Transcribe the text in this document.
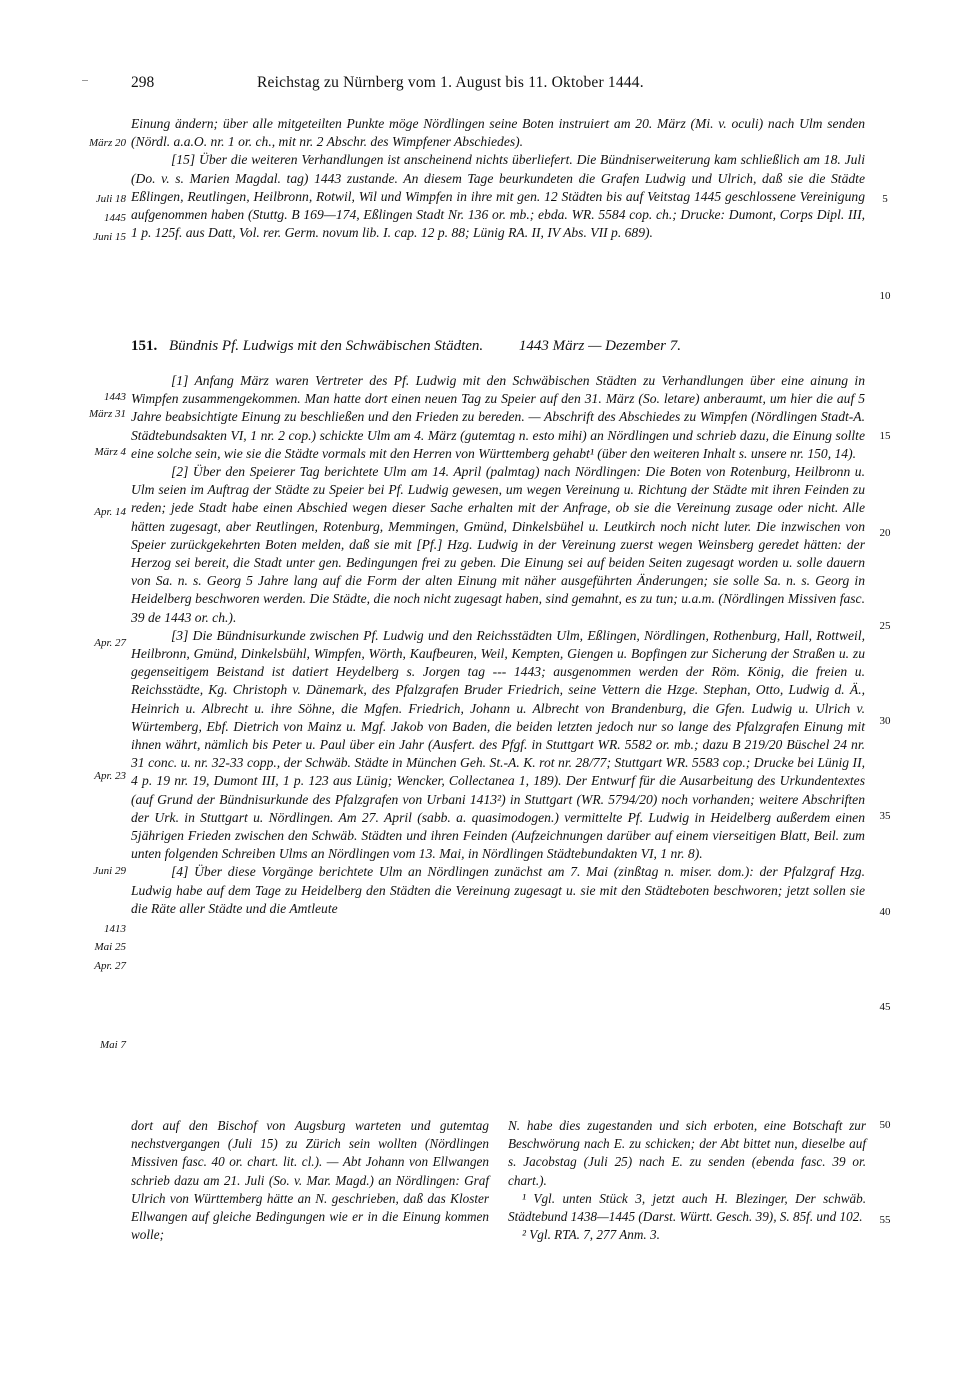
298	Reichstag zu Nürnberg vom 1. August bis 11. Oktober 1444.

Einung ändern; über alle mitgeteilten Punkte möge Nördlingen seine Boten instruiert am 20. März (Mi. v. oculi) nach Ulm senden (Nördl. a.a.O. nr. 1 or. ch., mit nr. 2 Abschr. des Wimpfener Abschiedes).

[15] Über die weiteren Verhandlungen ist anscheinend nichts überliefert. Die Bündniserweiterung kam schließlich am 18. Juli (Do. v. s. Marien Magdal. tag) 1443 zustande. An diesem Tage beurkundeten die Grafen Ludwig und Ulrich, daß sie die Städte Eßlingen, Reutlingen, Heilbronn, Rotwil, Wil und Wimpfen in ihre mit gen. 12 Städten bis auf Veitstag 1445 geschlossene Vereinigung aufgenommen haben (Stuttg. B 169—174, Eßlingen Stadt Nr. 136 or. mb.; ebda. WR. 5584 cop. ch.; Drucke: Dumont, Corps Dipl. III, 1 p. 125f. aus Datt, Vol. rer. Germ. novum lib. I. cap. 12 p. 88; Lünig RA. II, IV Abs. VII p. 689).

151. Bündnis Pf. Ludwigs mit den Schwäbischen Städten. 1443 März — Dezember 7.

[1] Anfang März waren Vertreter des Pf. Ludwig mit den Schwäbischen Städten zu Verhandlungen über eine ainung in Wimpfen zusammengekommen. Man hatte dort einen neuen Tag zu Speier auf den 31. März (So. letare) anberaumt, um hier die auf 5 Jahre beabsichtigte Einung zu beschließen und den Frieden zu bereden. — Abschrift des Abschiedes zu Wimpfen (Nördlingen Stadt-A. Städtebundsakten VI, 1 nr. 2 cop.) schickte Ulm am 4. März (gutemtag n. esto mihi) an Nördlingen und schrieb dazu, die Einung sollte eine solche sein, wie sie die Städte vormals mit den Herren von Württemberg gehabt¹ (über den weiteren Inhalt s. unsere nr. 150, 14).

[2] Über den Speierer Tag berichtete Ulm am 14. April (palmtag) nach Nördlingen: Die Boten von Rotenburg, Heilbronn u. Ulm seien im Auftrag der Städte zu Speier bei Pf. Ludwig gewesen, um wegen Vereinung u. Richtung der Städte mit ihren Feinden zu reden; jede Stadt habe einen Abschied wegen dieser Sache erhalten mit der Anfrage, ob sie die Vereinung zusage oder nicht. Alle hätten zugesagt, aber Reutlingen, Rotenburg, Memmingen, Gmünd, Dinkelsbühel u. Leutkirch noch nicht luter. Die inzwischen von Speier zurückgekehrten Boten melden, daß sie mit [Pf.] Hzg. Ludwig in der Vereinung zuerst wegen Weinsberg geredet hätten: der Herzog sei bereit, die Stadt unter gen. Bedingungen frei zu geben. Die Einung sei auf beiden Seiten zugesagt worden u. solle dauern von Sa. n. s. Georg 5 Jahre lang auf die Form der alten Einung mit näher ausgeführten Änderungen; sie solle Sa. n. s. Georg in Heidelberg beschworen werden. Die Städte, die noch nicht zugesagt haben, sind gemahnt, es zu tun; u.a.m. (Nördlingen Missiven fasc. 39 de 1443 or. ch.).

[3] Die Bündnisurkunde zwischen Pf. Ludwig und den Reichsstädten Ulm, Eßlingen, Nördlingen, Rothenburg, Hall, Rottweil, Heilbronn, Gmünd, Dinkelsbühl, Wimpfen, Wörth, Kaufbeuren, Weil, Kempten, Giengen u. Bopfingen zur Sicherung der Straßen u. zu gegenseitigem Beistand ist datiert Heydelberg s. Jorgen tag --- 1443; ausgenommen werden der Röm. König, die freien u. Reichsstädte, Kg. Christoph v. Dänemark, des Pfalzgrafen Bruder Friedrich, seine Vettern die Hzge. Stephan, Otto, Ludwig d. Ä., Heinrich u. Albrecht u. ihre Söhne, die Mgfen. Friedrich, Johann u. Albrecht von Brandenburg, die Gfen. Ludwig u. Ulrich v. Würtemberg, Ebf. Dietrich von Mainz u. Mgf. Jakob von Baden, die beiden letzten jedoch nur so lange des Pfalzgrafen Einung mit ihnen währt, nämlich bis Peter u. Paul über ein Jahr (Ausfert. des Pfgf. in Stuttgart WR. 5582 or. mb.; dazu B 219/20 Büschel 24 nr. 31 conc. u. nr. 32-33 copp., der Schwäb. Städte in München Geh. St.-A. K. rot nr. 28/77; Stuttgart WR. 5583 cop.; Drucke bei Lünig II, 4 p. 19 nr. 19, Dumont III, 1 p. 123 aus Lünig; Wencker, Collectanea 1, 189). Der Entwurf für die Ausarbeitung des Urkundentextes (auf Grund der Bündnisurkunde des Pfalzgrafen von Urbani 1413²) in Stuttgart (WR. 5794/20) noch vorhanden; weitere Abschriften der Urk. in Stuttgart u. Nördlingen. Am 27. April (sabb. a. quasimodogen.) vermittelte Pf. Ludwig in Heidelberg außerdem einen 5jährigen Frieden zwischen den Schwäb. Städten und ihren Feinden (Aufzeichnungen darüber auf einem vierseitigen Blatt, Beil. zum unten folgenden Schreiben Ulms an Nördlingen vom 13. Mai, in Nördlingen Städtebundakten VI, 1 nr. 8).

[4] Über diese Vorgänge berichtete Ulm an Nördlingen zunächst am 7. Mai (zinßtag n. miser. dom.): der Pfalzgraf Hzg. Ludwig habe auf dem Tage zu Heidelberg den Städten die Vereinung zugesagt u. sie mit den Städteboten beschworen; jetzt sollen sie die Räte aller Städte und die Amtleute

dort auf den Bischof von Augsburg warteten und gutemtag nechstvergangen (Juli 15) zu Zürich sein wollten (Nördlingen Missiven fasc. 40 or. chart. lit. cl.). — Abt Johann von Ellwangen schrieb dazu am 21. Juli (So. v. Mar. Magd.) an Nördlingen: Graf Ulrich von Württemberg hätte an N. geschrieben, daß das Kloster Ellwangen auf gleiche Bedingungen wie er in die Einung kommen wolle;

N. habe dies zugestanden und sich erboten, eine Botschaft zur Beschwörung nach E. zu schicken; der Abt bittet nun, dieselbe auf s. Jacobstag (Juli 25) nach E. zu senden (ebenda fasc. 39 or. chart.).

¹ Vgl. unten Stück 3, jetzt auch H. Blezinger, Der schwäb. Städtebund 1438—1445 (Darst. Württ. Gesch. 39), S. 85f. und 102.

² Vgl. RTA. 7, 277 Anm. 3.

März 20
Juli 18
1445
Juni 15
1443
März 31
März 4
Apr. 14
Apr. 27
Apr. 23
Juni 29
1413
Mai 25
Apr. 27
Mai 7
5
10
15
20
25
30
35
40
45
50
55
